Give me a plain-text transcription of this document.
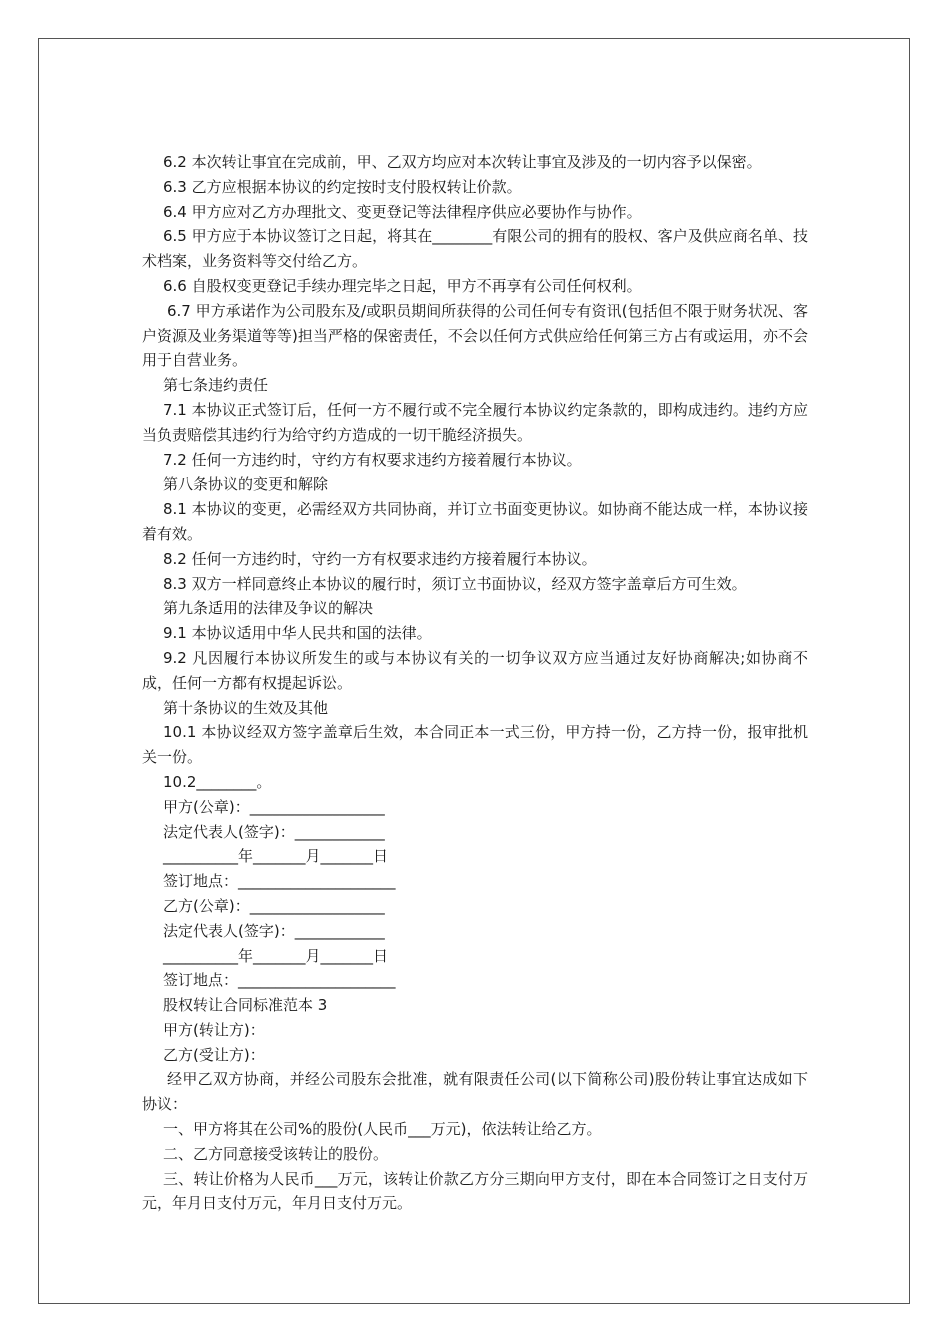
6.2 本次转让事宜在完成前，甲、乙双方均应对本次转让事宜及涉及的一切内容予以保密。

6.3 乙方应根据本协议的约定按时支付股权转让价款。

6.4 甲方应对乙方办理批文、变更登记等法律程序供应必要协作与协作。

6.5 甲方应于本协议签订之日起，将其在________有限公司的拥有的股权、客户及供应商名单、技术档案，业务资料等交付给乙方。

6.6 自股权变更登记手续办理完毕之日起，甲方不再享有公司任何权利。

6.7 甲方承诺作为公司股东及/或职员期间所获得的公司任何专有资讯(包括但不限于财务状况、客户资源及业务渠道等等)担当严格的保密责任，不会以任何方式供应给任何第三方占有或运用，亦不会用于自营业务。

第七条违约责任

7.1 本协议正式签订后，任何一方不履行或不完全履行本协议约定条款的，即构成违约。违约方应当负责赔偿其违约行为给守约方造成的一切干脆经济损失。

7.2 任何一方违约时，守约方有权要求违约方接着履行本协议。

第八条协议的变更和解除

8.1 本协议的变更，必需经双方共同协商，并订立书面变更协议。如协商不能达成一样，本协议接着有效。

8.2 任何一方违约时，守约一方有权要求违约方接着履行本协议。

8.3 双方一样同意终止本协议的履行时，须订立书面协议，经双方签字盖章后方可生效。

第九条适用的法律及争议的解决

9.1 本协议适用中华人民共和国的法律。

9.2 凡因履行本协议所发生的或与本协议有关的一切争议双方应当通过友好协商解决;如协商不成，任何一方都有权提起诉讼。

第十条协议的生效及其他

10.1 本协议经双方签字盖章后生效，本合同正本一式三份，甲方持一份，乙方持一份，报审批机关一份。

10.2________。

甲方(公章)：__________________

法定代表人(签字)：____________

__________年_______月_______日

签订地点：_____________________

乙方(公章)：__________________

法定代表人(签字)：____________

__________年_______月_______日

签订地点：_____________________

股权转让合同标准范本 3

甲方(转让方)：

乙方(受让方)：

经甲乙双方协商，并经公司股东会批准，就有限责任公司(以下简称公司)股份转让事宜达成如下协议：

一、甲方将其在公司%的股份(人民币___万元)，依法转让给乙方。

二、乙方同意接受该转让的股份。

三、转让价格为人民币___万元，该转让价款乙方分三期向甲方支付，即在本合同签订之日支付万元，年月日支付万元，年月日支付万元。
